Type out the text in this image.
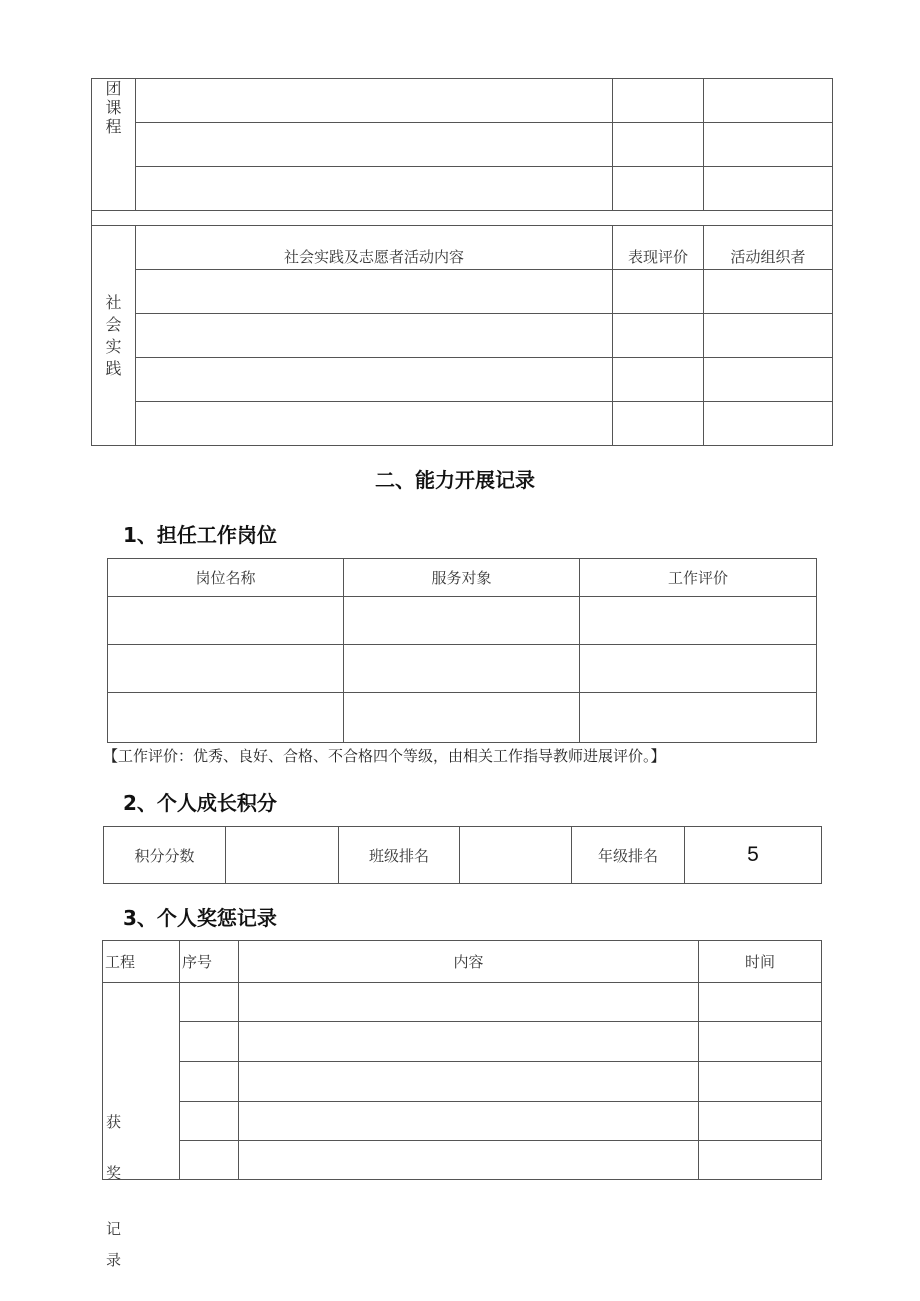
团课程			

社会实践	社会实践及志愿者活动内容	表现评价	活动组织者

二、能力开展记录
1、担任工作岗位
岗位名称	服务对象	工作评价

【工作评价：优秀、良好、合格、不合格四个等级，由相关工作指导教师进展评价。】
2、个人成长积分
积分分数		班级排名		年级排名	5
3、个人奖惩记录
工程	序号	内容	时间

获
奖
记
录			
